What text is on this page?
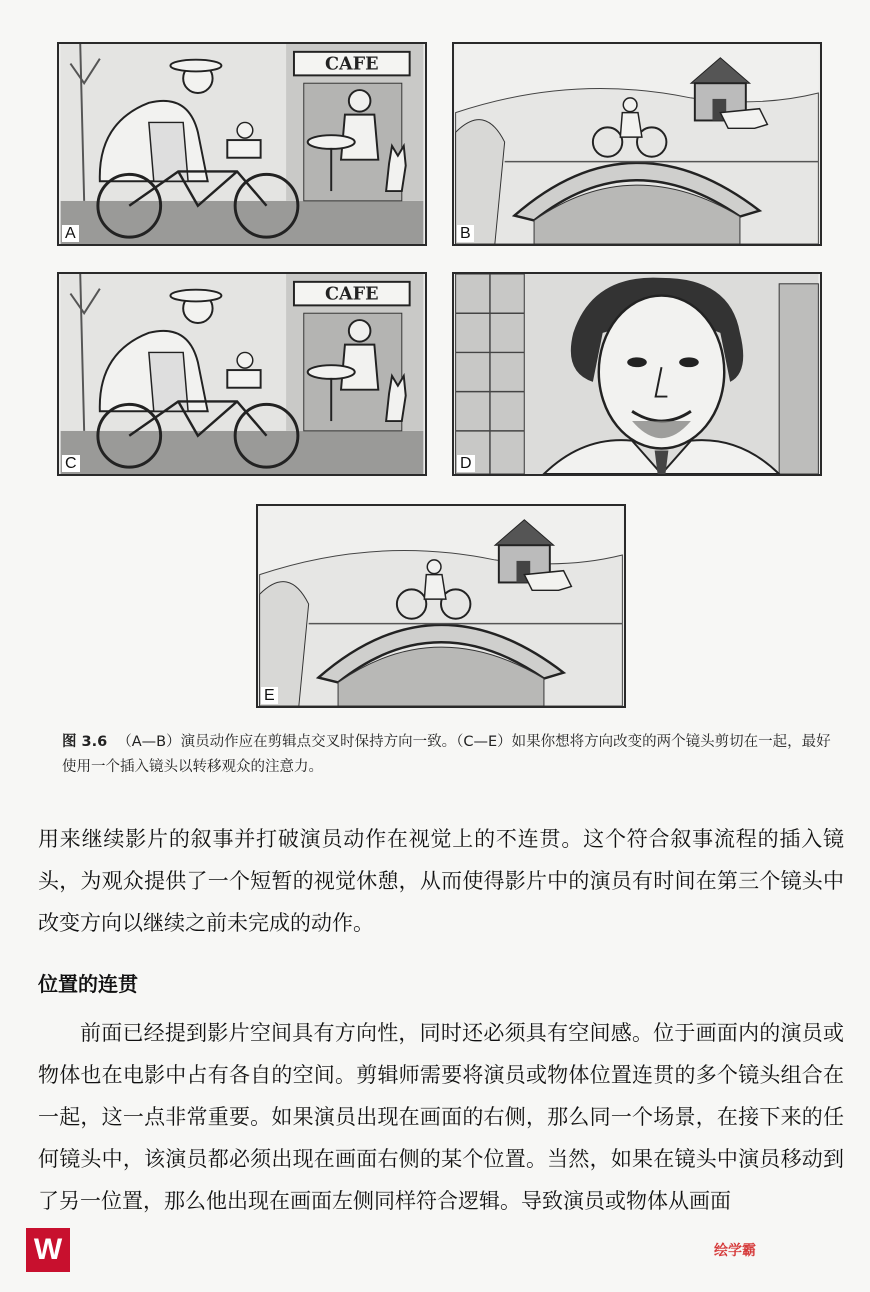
CAFE
A	B
CAFE
C	D
E

图 3.6 （A—B）演员动作应在剪辑点交叉时保持方向一致。（C—E）如果你想将方向改变的两个镜头剪切在一起，最好使用一个插入镜头以转移观众的注意力。

用来继续影片的叙事并打破演员动作在视觉上的不连贯。这个符合叙事流程的插入镜头，为观众提供了一个短暂的视觉休憩，从而使得影片中的演员有时间在第三个镜头中改变方向以继续之前未完成的动作。

位置的连贯

前面已经提到影片空间具有方向性，同时还必须具有空间感。位于画面内的演员或物体也在电影中占有各自的空间。剪辑师需要将演员或物体位置连贯的多个镜头组合在一起，这一点非常重要。如果演员出现在画面的右侧，那么同一个场景，在接下来的任何镜头中，该演员都必须出现在画面右侧的某个位置。当然，如果在镜头中演员移动到了另一位置，那么他出现在画面左侧同样符合逻辑。导致演员或物体从画面

W	绘学霸
